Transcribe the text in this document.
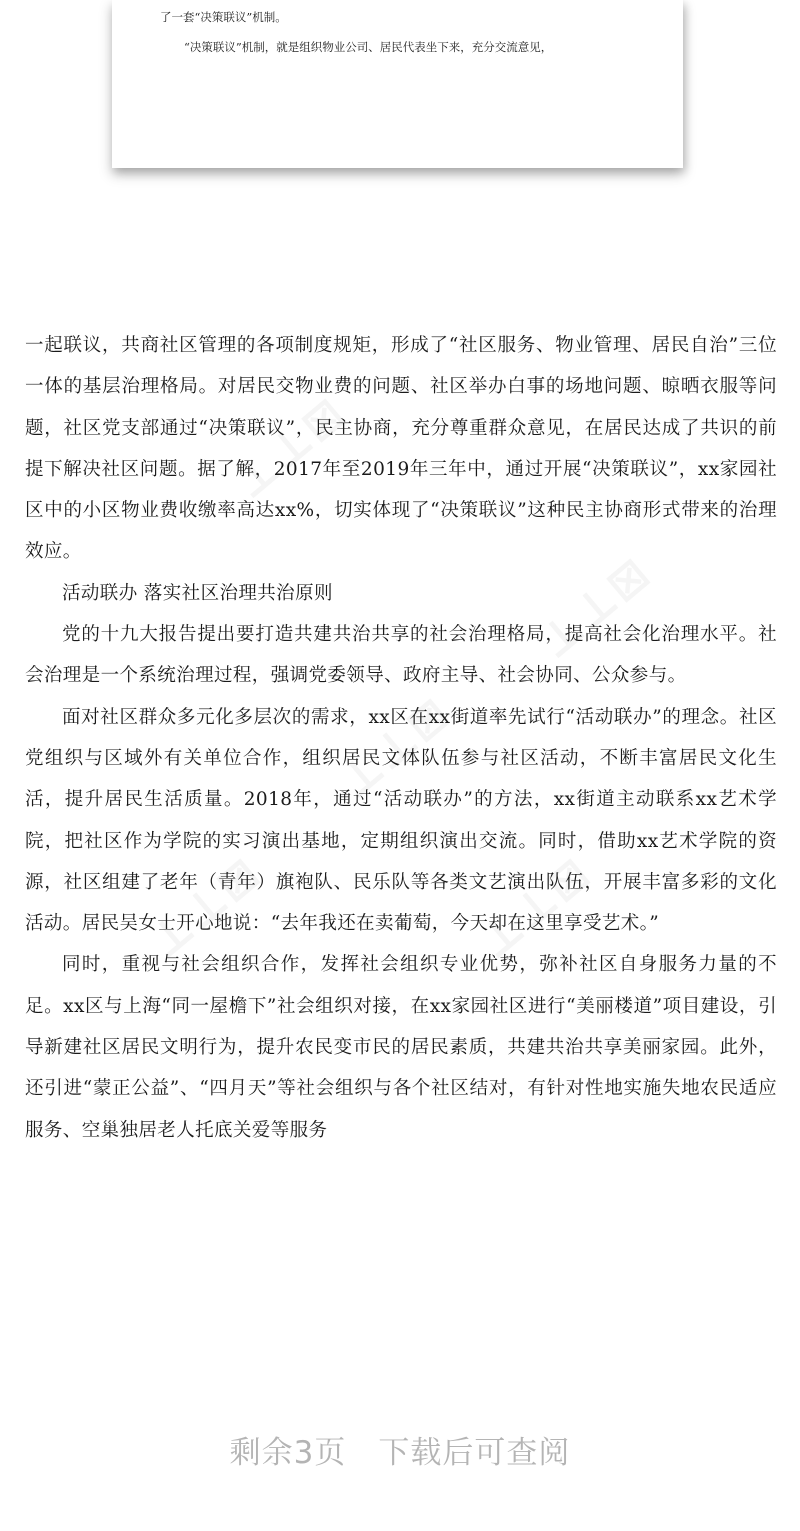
了一套“决策联议”机制。

“决策联议”机制，就是组织物业公司、居民代表坐下来，充分交流意见，

⊥⊥⊠
⊥⊥⊠
⊥⊥⊠
⊥⊥⊠	⊥⊥⊠

一起联议，共商社区管理的各项制度规矩，形成了“社区服务、物业管理、居民自治”三位一体的基层治理格局。对居民交物业费的问题、社区举办白事的场地问题、晾晒衣服等问题，社区党支部通过“决策联议”，民主协商，充分尊重群众意见，在居民达成了共识的前提下解决社区问题。据了解，2017年至2019年三年中，通过开展“决策联议”，xx家园社区中的小区物业费收缴率高达xx%，切实体现了“决策联议”这种民主协商形式带来的治理效应。

活动联办 落实社区治理共治原则

党的十九大报告提出要打造共建共治共享的社会治理格局，提高社会化治理水平。社会治理是一个系统治理过程，强调党委领导、政府主导、社会协同、公众参与。

面对社区群众多元化多层次的需求，xx区在xx街道率先试行“活动联办”的理念。社区党组织与区域外有关单位合作，组织居民文体队伍参与社区活动，不断丰富居民文化生活，提升居民生活质量。2018年，通过“活动联办”的方法，xx街道主动联系xx艺术学院，把社区作为学院的实习演出基地，定期组织演出交流。同时，借助xx艺术学院的资源，社区组建了老年（青年）旗袍队、民乐队等各类文艺演出队伍，开展丰富多彩的文化活动。居民吴女士开心地说：“去年我还在卖葡萄，今天却在这里享受艺术。”

同时，重视与社会组织合作，发挥社会组织专业优势，弥补社区自身服务力量的不足。xx区与上海“同一屋檐下”社会组织对接，在xx家园社区进行“美丽楼道”项目建设，引导新建社区居民文明行为，提升农民变市民的居民素质，共建共治共享美丽家园。此外，还引进“蒙正公益”、“四月天”等社会组织与各个社区结对，有针对性地实施失地农民适应服务、空巢独居老人托底关爱等服务

剩余3页　下载后可查阅
